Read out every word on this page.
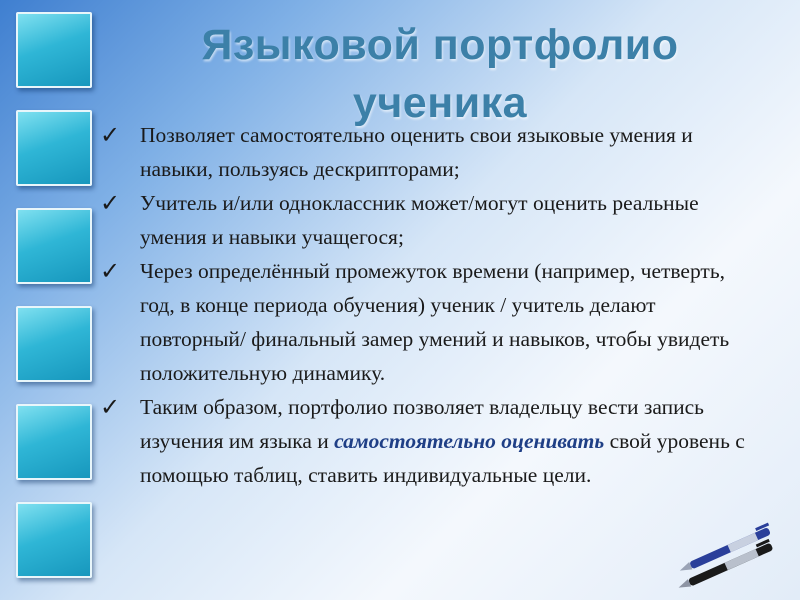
Языковой портфолио
ученика
✓ Позволяет самостоятельно оценить свои языковые умения и навыки, пользуясь дескрипторами;
✓ Учитель и/или одноклассник может/могут оценить реальные умения и навыки учащегося;
✓ Через определённый промежуток времени (например, четверть, год, в конце периода обучения) ученик / учитель делают повторный/ финальный замер умений и навыков, чтобы увидеть положительную динамику.
✓ Таким образом, портфолио позволяет владельцу вести запись изучения им языка и самостоятельно оценивать свой уровень с помощью таблиц, ставить индивидуальные цели.
